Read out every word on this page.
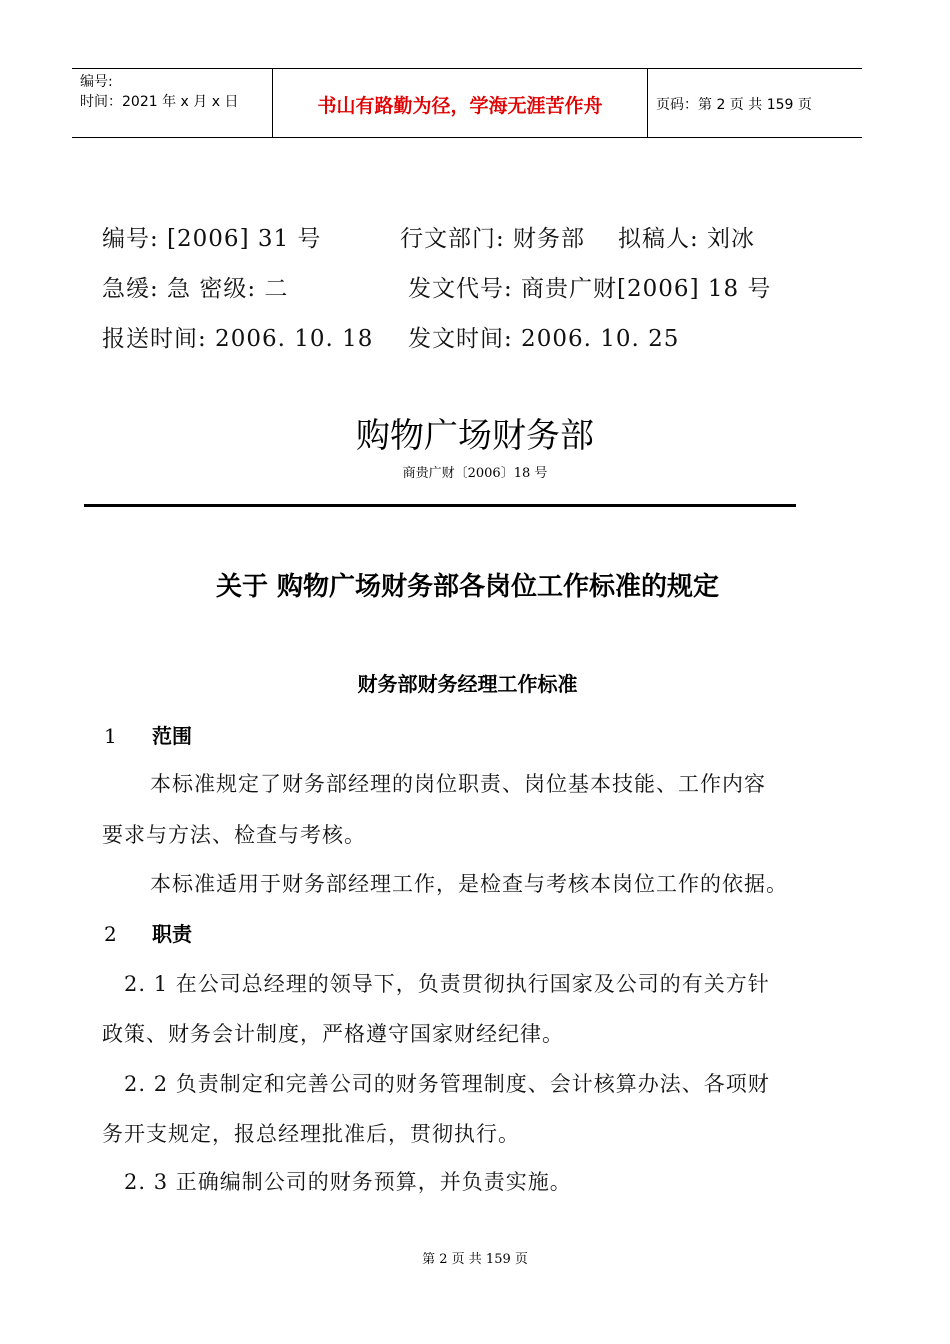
编号:
时间：2021 年 x 月 x 日	书山有路勤为径，学海无涯苦作舟	页码：第 2 页 共 159 页
编号: [2006] 31 号	行文部门: 财务部 拟稿人: 刘冰
急缓: 急 密级: 二	发文代号: 商贵广财[2006] 18 号
报送时间: 2006. 10. 18 发文时间: 2006. 10. 25
购物广场财务部
商贵广财〔2006〕18 号
关于 购物广场财务部各岗位工作标准的规定
财务部财务经理工作标准
1 范围
本标准规定了财务部经理的岗位职责、岗位基本技能、工作内容
要求与方法、检查与考核。
本标准适用于财务部经理工作，是检查与考核本岗位工作的依据。
2 职责
2. 1 在公司总经理的领导下，负责贯彻执行国家及公司的有关方针
政策、财务会计制度，严格遵守国家财经纪律。
2. 2 负责制定和完善公司的财务管理制度、会计核算办法、各项财
务开支规定，报总经理批准后，贯彻执行。
2. 3 正确编制公司的财务预算，并负责实施。
第 2 页 共 159 页
